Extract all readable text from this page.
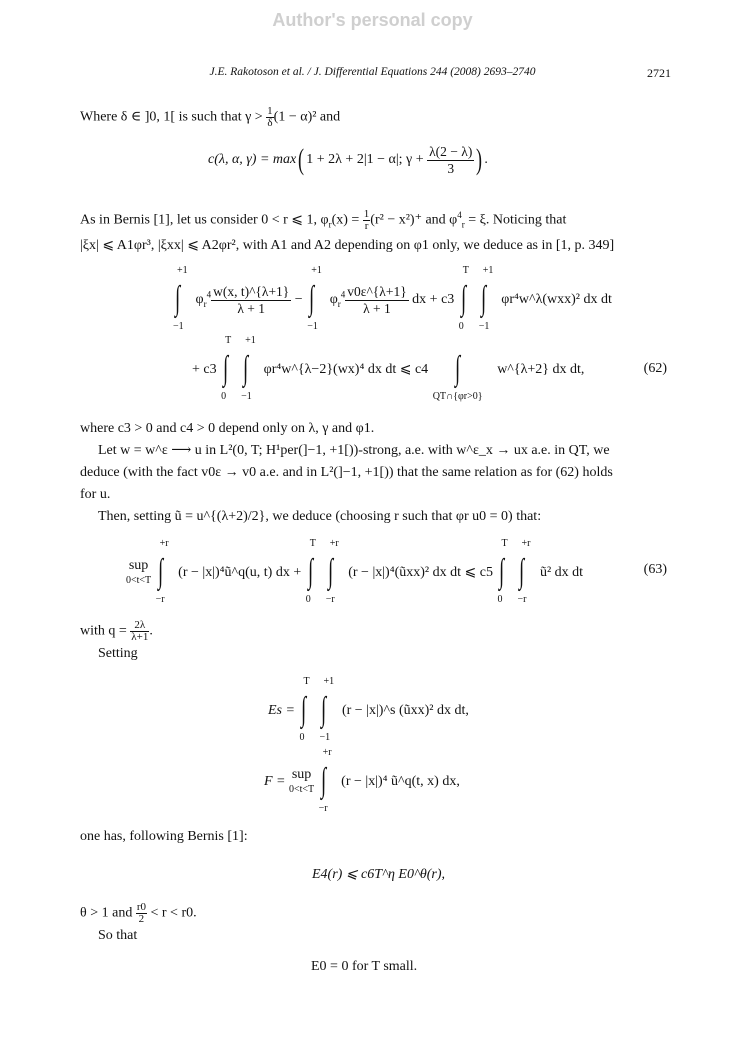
Author's personal copy
J.E. Rakotoson et al. / J. Differential Equations 244 (2008) 2693–2740	2721
Where δ ∈ ]0, 1[ is such that $\gamma > \frac{1}{\delta} (1 - \alpha)^2$ and
c(λ, α, γ) = max( 1 + 2λ + 2|1 − α|; $\gamma + \frac{\lambda(2 - \lambda)}{3}$ ) .
As in Bernis [1], let us consider 0 < r ⩽ 1, $\varphi_r(x) = \frac{1}{r} (r^2 - x^2)^+$ and $\varphi^4_r = \xi$. Noticing that
|ξx| ⩽ A1φr³, |ξxx| ⩽ A2φr², with A1 and A2 depending on φ1 only, we deduce as in [1, p. 349]
+1
∫
−1
$\varphi_r^4 \frac{w(x, t)\^{}\{\lambda+1\}}{\lambda + 1}$ −
+1
∫
−1
$\varphi_r^4 \frac{v0\varepsilon\^{}\{\lambda+1\}}{\lambda + 1}$ dx + c3
T
∫
0
+1
∫
−1
φr⁴w^λ(wxx)² dx dt
+ c3
T
∫
0
+1
∫
−1
φr⁴w^{λ−2}(wx)⁴ dx dt ⩽ c4 ∫
QT∩{φr>0}
w^{λ+2} dx dt,	(62)
where c3 > 0 and c4 > 0 depend only on λ, γ and φ1.
Let w = w^ε ⟶ u in L²(0, T; H¹per(]−1, +1[))-strong, a.e. with w^ε_x → ux a.e. in QT, we
deduce (with the fact v0ε → v0 a.e. and in L²(]−1, +1[)) that the same relation as for (62) holds
for u.
Then, setting ũ = u^{(λ+2)/2}, we deduce (choosing r such that φr u0 = 0) that:
sup
0<t<T
+r
∫
−r
(r − |x|)⁴ũ^q(u, t) dx +
T
∫
0
+r
∫
−r
(r − |x|)⁴(ũxx)² dx dt ⩽ c5
T
∫
0
+r
∫
−r
ũ² dx dt	(63)
with $q = \frac{2\lambda}{\lambda+1}$ .
Setting
Es =
T
∫
0
+1
∫
−1
(r − |x|)^s (ũxx)² dx dt,
F = sup
0<t<T
+r
∫
−r
(r − |x|)⁴ ũ^q(t, x) dx,
one has, following Bernis [1]:
E4(r) ⩽ c6T^η E0^θ(r),
θ > 1 and $\frac{r0}{2} < r < r0$.
So that
E0 = 0 for T small.
